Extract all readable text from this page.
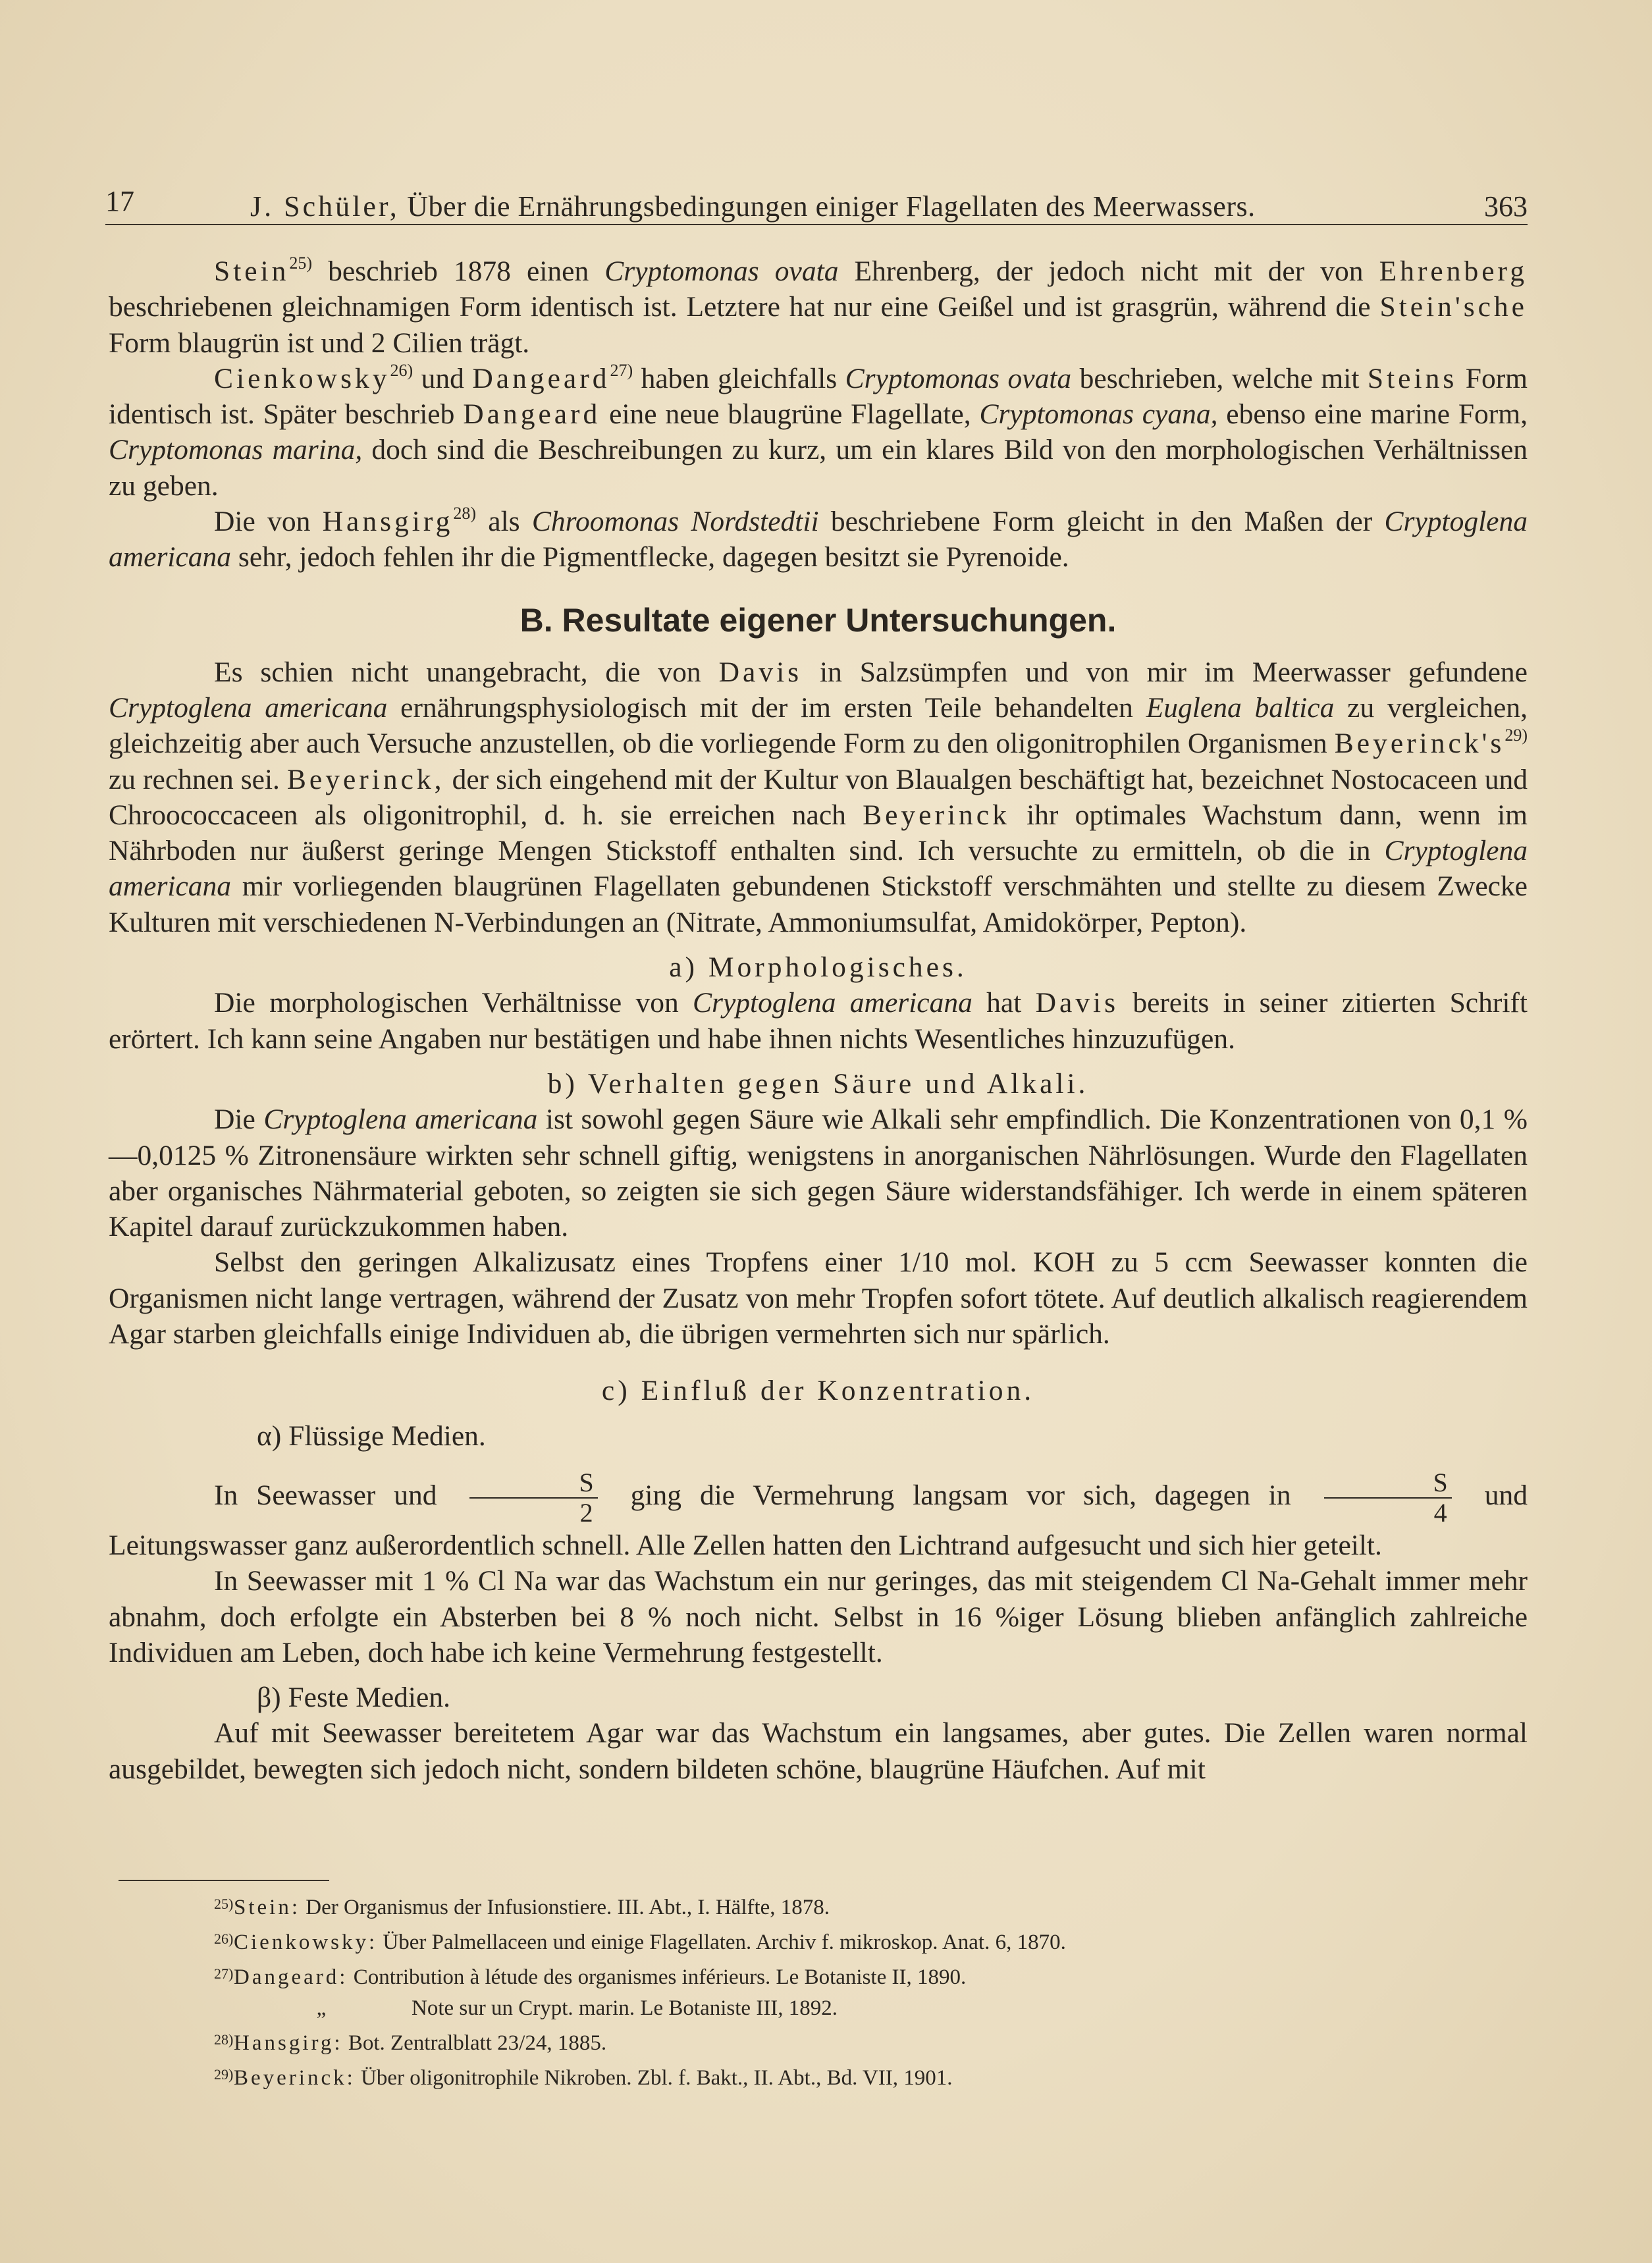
17	J. Schüler, Über die Ernährungsbedingungen einiger Flagellaten des Meerwassers.	363

Stein$^{25)}$ beschrieb 1878 einen Cryptomonas ovata Ehrenberg, der jedoch nicht mit der von Ehrenberg beschriebenen gleichnamigen Form identisch ist. Letztere hat nur eine Geißel und ist grasgrün, während die Stein'sche Form blaugrün ist und 2 Cilien trägt.

Cienkowsky$^{26)}$ und Dangeard$^{27)}$ haben gleichfalls Cryptomonas ovata beschrieben, welche mit Steins Form identisch ist. Später beschrieb Dangeard eine neue blaugrüne Flagellate, Cryptomonas cyana, ebenso eine marine Form, Cryptomonas marina, doch sind die Beschreibungen zu kurz, um ein klares Bild von den morphologischen Verhältnissen zu geben.

Die von Hansgirg$^{28)}$ als Chroomonas Nordstedtii beschriebene Form gleicht in den Maßen der Cryptoglena americana sehr, jedoch fehlen ihr die Pigmentflecke, dagegen besitzt sie Pyrenoide.

B. Resultate eigener Untersuchungen.

Es schien nicht unangebracht, die von Davis in Salzsümpfen und von mir im Meerwasser gefundene Cryptoglena americana ernährungsphysiologisch mit der im ersten Teile behandelten Euglena baltica zu vergleichen, gleichzeitig aber auch Versuche anzustellen, ob die vorliegende Form zu den oligonitrophilen Organismen $Beyerinck's^{29)}$ zu rechnen sei. Beyerinck, der sich eingehend mit der Kultur von Blaualgen beschäftigt hat, bezeichnet Nostocaceen und Chroococcaceen als oligonitrophil, d. h. sie erreichen nach Beyerinck ihr optimales Wachstum dann, wenn im Nährboden nur äußerst geringe Mengen Stickstoff enthalten sind. Ich versuchte zu ermitteln, ob die in Cryptoglena americana mir vorliegenden blaugrünen Flagellaten gebundenen Stickstoff verschmähten und stellte zu diesem Zwecke Kulturen mit verschiedenen N-Verbindungen an (Nitrate, Ammoniumsulfat, Amidokörper, Pepton).

a) Morphologisches.

Die morphologischen Verhältnisse von Cryptoglena americana hat Davis bereits in seiner zitierten Schrift erörtert. Ich kann seine Angaben nur bestätigen und habe ihnen nichts Wesentliches hinzuzufügen.

b) Verhalten gegen Säure und Alkali.

Die Cryptoglena americana ist sowohl gegen Säure wie Alkali sehr empfindlich. Die Konzentrationen von 0,1 %—0,0125 % Zitronensäure wirkten sehr schnell giftig, wenigstens in anorganischen Nährlösungen. Wurde den Flagellaten aber organisches Nährmaterial geboten, so zeigten sie sich gegen Säure widerstandsfähiger. Ich werde in einem späteren Kapitel darauf zurückzukommen haben.

Selbst den geringen Alkalizusatz eines Tropfens einer 1/10 mol. KOH zu 5 ccm Seewasser konnten die Organismen nicht lange vertragen, während der Zusatz von mehr Tropfen sofort tötete. Auf deutlich alkalisch reagierendem Agar starben gleichfalls einige Individuen ab, die übrigen vermehrten sich nur spärlich.

c) Einfluß der Konzentration.
α) Flüssige Medien.

In Seewasser und $\frac{S}{2}$ ging die Vermehrung langsam vor sich, dagegen in $\frac{S}{4}$ und Leitungswasser ganz außerordentlich schnell. Alle Zellen hatten den Lichtrand aufgesucht und sich hier geteilt.

In Seewasser mit 1 % Cl Na war das Wachstum ein nur geringes, das mit steigendem Cl Na-Gehalt immer mehr abnahm, doch erfolgte ein Absterben bei 8 % noch nicht. Selbst in 16 %iger Lösung blieben anfänglich zahlreiche Individuen am Leben, doch habe ich keine Vermehrung festgestellt.

β) Feste Medien.

Auf mit Seewasser bereitetem Agar war das Wachstum ein langsames, aber gutes. Die Zellen waren normal ausgebildet, bewegten sich jedoch nicht, sondern bildeten schöne, blaugrüne Häufchen. Auf mit

25)Stein: Der Organismus der Infusionstiere. III. Abt., I. Hälfte, 1878.
26)Cienkowsky: Über Palmellaceen und einige Flagellaten. Archiv f. mikroskop. Anat. 6, 1870.
27)Dangeard: Contribution à létude des organismes inférieurs. Le Botaniste II, 1890.
„	Note sur un Crypt. marin. Le Botaniste III, 1892.
28)Hansgirg: Bot. Zentralblatt 23/24, 1885.
29)Beyerinck: Über oligonitrophile Nikroben. Zbl. f. Bakt., II. Abt., Bd. VII, 1901.
